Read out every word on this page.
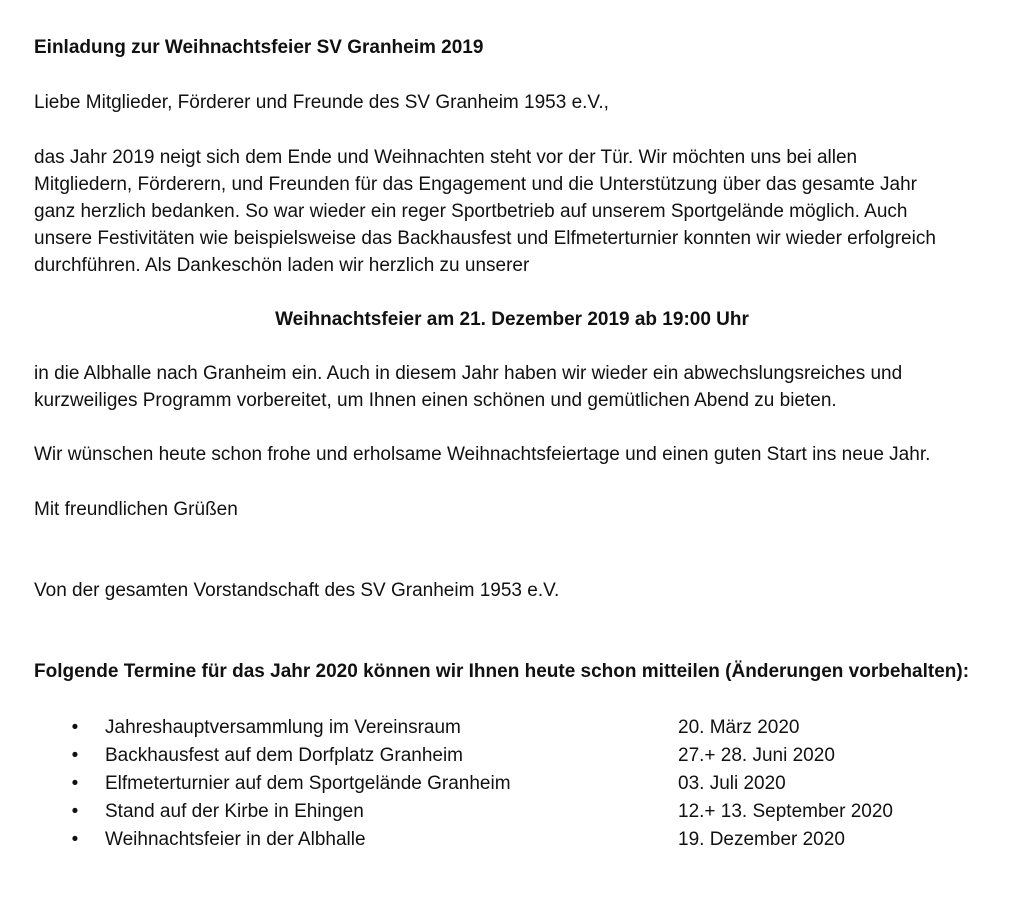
Einladung zur Weihnachtsfeier SV Granheim 2019

Liebe Mitglieder, Förderer und Freunde des SV Granheim 1953 e.V.,

das Jahr 2019 neigt sich dem Ende und Weihnachten steht vor der Tür. Wir möchten uns bei allen
Mitgliedern, Förderern, und Freunden für das Engagement und die Unterstützung über das gesamte Jahr
ganz herzlich bedanken. So war wieder ein reger Sportbetrieb auf unserem Sportgelände möglich. Auch
unsere Festivitäten wie beispielsweise das Backhausfest und Elfmeterturnier konnten wir wieder erfolgreich
durchführen. Als Dankeschön laden wir herzlich zu unserer

Weihnachtsfeier am 21. Dezember 2019 ab 19:00 Uhr

in die Albhalle nach Granheim ein. Auch in diesem Jahr haben wir wieder ein abwechslungsreiches und
kurzweiliges Programm vorbereitet, um Ihnen einen schönen und gemütlichen Abend zu bieten.

Wir wünschen heute schon frohe und erholsame Weihnachtsfeiertage und einen guten Start ins neue Jahr.

Mit freundlichen Grüßen

Von der gesamten Vorstandschaft des SV Granheim 1953 e.V.

Folgende Termine für das Jahr 2020 können wir Ihnen heute schon mitteilen (Änderungen vorbehalten):

• Jahreshauptversammlung im Vereinsraum	20. März 2020
• Backhausfest auf dem Dorfplatz Granheim	27.+ 28. Juni 2020
• Elfmeterturnier auf dem Sportgelände Granheim	03. Juli 2020
• Stand auf der Kirbe in Ehingen	12.+ 13. September 2020
• Weihnachtsfeier in der Albhalle	19. Dezember 2020
